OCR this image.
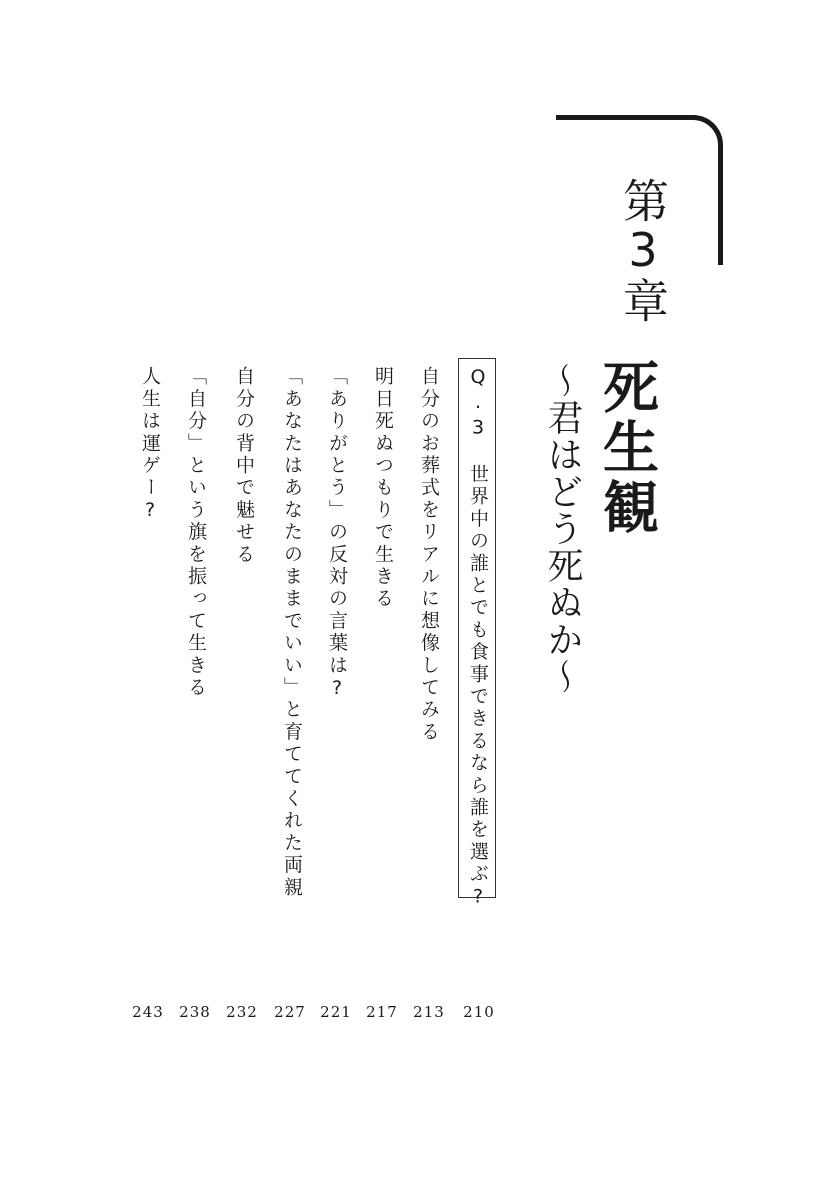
第3章
死生観
〜君はどう死ぬか〜
Q.3　世界中の誰とでも食事できるなら誰を選ぶ?
自分のお葬式をリアルに想像してみる
明日死ぬつもりで生きる
「ありがとう」の反対の言葉は?
「あなたはあなたのままでいい」と育ててくれた両親
自分の背中で魅せる
「自分」という旗を振って生きる
人生は運ゲー?
210
213
217
221
227
232
238
243
